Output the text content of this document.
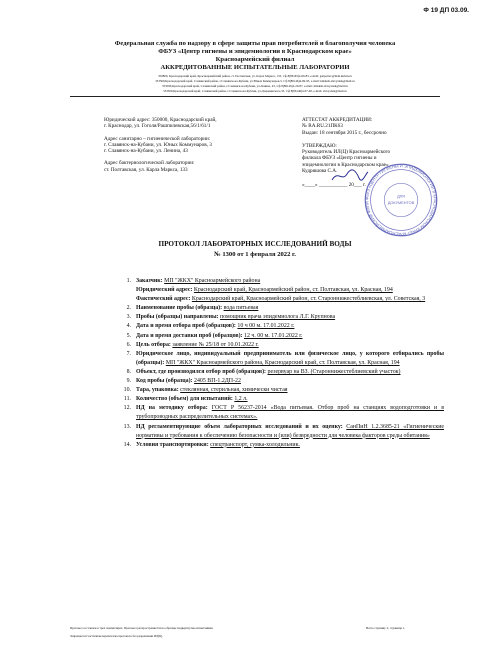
Ф 19 ДП 03.09.
Федеральная служба по надзору в сфере защиты прав потребителей и благополучия человека
ФБУЗ «Центр гигиены и эпидемиологии в Краснодарском крае»
Красноармейский филиал
АККРЕДИТОВАННЫЕ ИСПЫТАТЕЛЬНЫЕ ЛАБОРАТОРИИ
350800, Краснодарский край, Красноармейский район, ст. Полтавская, ул. Карла Маркса, 133, т/ф 8(86165)4-09-83, e-mail: gsnpoltav@mail.kuban.ru
353560,Краснодарский край, Славянский район, г.Славянск-на-Кубани, ул.Юных Коммунаров,3, т/ф 8(86146)4-09-95, e-mail: kmsksh-slavyansk@mail.ru
353560,Краснодарский край, Славянский район, г.Славянск-на-Кубани, ул.Ленина, 43, т/ф 8(86146)2-29-87, e-mail: kmsksh-slavyansk@mail.ru
353500,Краснодарский край, Славянский район, г.Славянск-на-Кубани, ул.Дзержинского,33, т/ф 8(86146)4-07-48, e-mail: slavyansk@mail.ru
Юридический адрес: 350000, Краснодарский край,
г. Краснодар, ул. Гоголя/Рашпилевская,56/1/61/1
Адрес санитарно – гигиенической лаборатории:
г. Славянск-на-Кубани, ул. Юных Коммунаров, 3
г. Славянск-на-Кубани, ул. Ленина, 43
Адрес бактериологической лаборатории:
ст. Полтавская, ул. Карла Маркса, 133
АТТЕСТАТ АККРЕДИТАЦИИ:
№ RA.RU.21ПК63
Выдан: 18 сентября 2015 г., бессрочно
УТВЕРЖДАЮ:
Руководитель ИЛ(Ц) Красноармейского
филиала ФБУЗ «Центр гигиены и
эпидемиологии в Краснодарском крае»
Кудряшова С.А.
«____» ___________ 20___ г.
ФБУЗ «ЦЕНТР ГИГИЕНЫ И ЭПИДЕМИОЛОГИИ В КРАСНОДАРСКОМ КРАЕ» КРАСНОАРМЕЙСКИЙ ФИЛИ
ДЛЯ
ДОКУМЕНТОВ
ПРОТОКОЛ ЛАБОРАТОРНЫХ ИССЛЕДОВАНИЙ ВОДЫ
№ 1300 от 1 февраля 2022 г.
1. Заказчик: МП "ЖКХ" Красноармейского района
Юридический адрес: Краснодарский край, Красноармейский район, ст. Полтавская, ул. Красная, 194
Фактический адрес: Краснодарский край, Красноармейский район, ст. Староннижестеблиевская, ул. Советская, 3
2. Наименование пробы (образца): вода питьевая
3. Пробы (образцы) направлены: помощник врача эпидемиолога Л.Г. Крупнова
4. Дата и время отбора проб (образцов): 10 ч 00 м. 17.01.2022 г.
5. Дата и время доставки проб (образцов): 12 ч. 00 м. 17.01.2022 г.
6. Цель отбора: заявление № 25/18 от 10.01.2022 г.
7. Юридическое лицо, индивидуальный предприниматель или физическое лицо, у которого отбирались пробы (образцы): МП "ЖКХ" Красноармейского района, Краснодарский край, ст. Полтавская, ул. Красная, 194
8. Объект, где производился отбор проб (образцов): резервуар на ВЗ. (Староннижестеблиевский участок)
9. Код пробы (образца): 2405 ВП-1.2ДП-22
10. Тара, упаковка: стеклянная, стерильная, химически чистая
11. Количество (объем) для испытаний: 1,2 л.
12. НД на методику отбора: ГОСТ Р 56237-2014 «Вода питьевая. Отбор проб на станциях водоподготовки и в трубопроводных распределительных системах».
13. НД регламентирующие объем лабораторных исследований и их оценку: СанПиН 1.2.3685-21 «Гигиенические нормативы и требования к обеспечению безопасности и (или) безвредности для человека факторов среды обитания»
14. Условия транспортировки: спецтранспорт, сумка-холодильник.
Протокол составлен в трех экземплярах. Протокол распространяется на образцы подвергнутые испытаниям.
Запрещается частичная перепечатка протокола без разрешения ИЛ(Ц)
Всего страниц: 2; страница 1.
